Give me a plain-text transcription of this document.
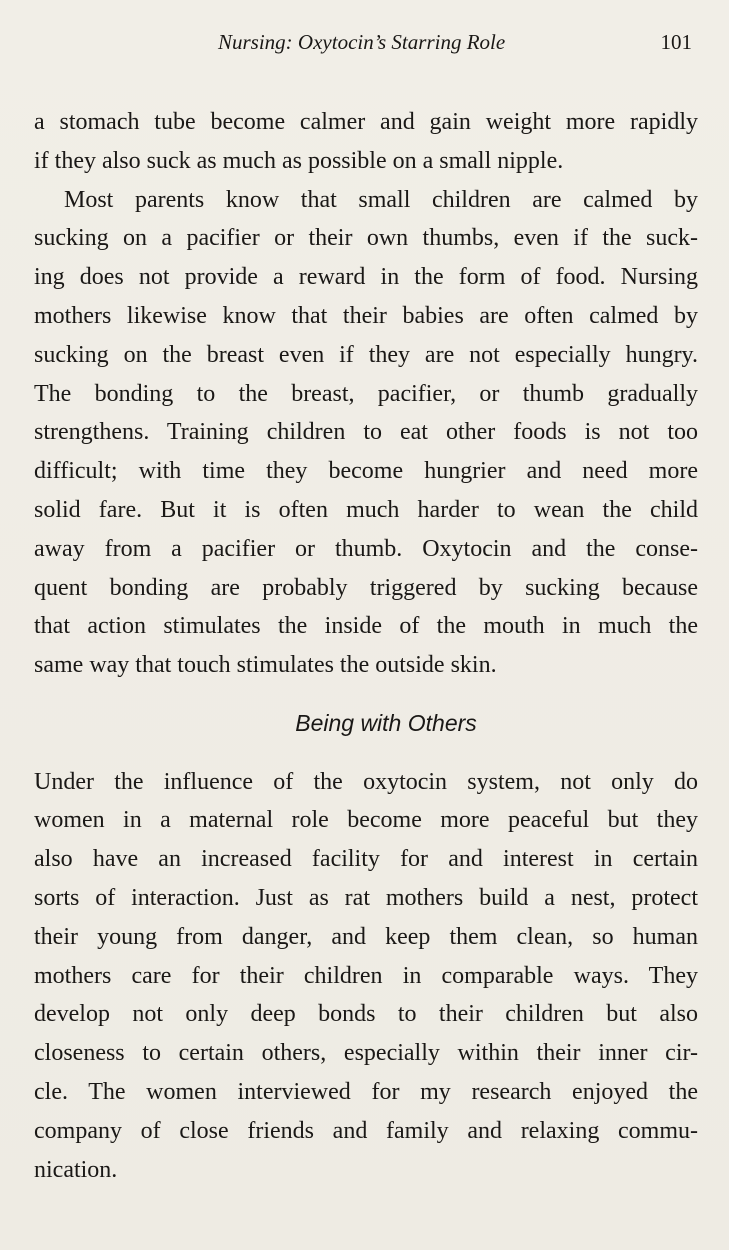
Nursing: Oxytocin’s Starring Role	101
a stomach tube become calmer and gain weight more rapidly
if they also suck as much as possible on a small nipple.
Most parents know that small children are calmed by
sucking on a pacifier or their own thumbs, even if the suck-
ing does not provide a reward in the form of food. Nursing
mothers likewise know that their babies are often calmed by
sucking on the breast even if they are not especially hungry.
The bonding to the breast, pacifier, or thumb gradually
strengthens. Training children to eat other foods is not too
difficult; with time they become hungrier and need more
solid fare. But it is often much harder to wean the child
away from a pacifier or thumb. Oxytocin and the conse-
quent bonding are probably triggered by sucking because
that action stimulates the inside of the mouth in much the
same way that touch stimulates the outside skin.
Being with Others
Under the influence of the oxytocin system, not only do
women in a maternal role become more peaceful but they
also have an increased facility for and interest in certain
sorts of interaction. Just as rat mothers build a nest, protect
their young from danger, and keep them clean, so human
mothers care for their children in comparable ways. They
develop not only deep bonds to their children but also
closeness to certain others, especially within their inner cir-
cle. The women interviewed for my research enjoyed the
company of close friends and family and relaxing commu-
nication.
